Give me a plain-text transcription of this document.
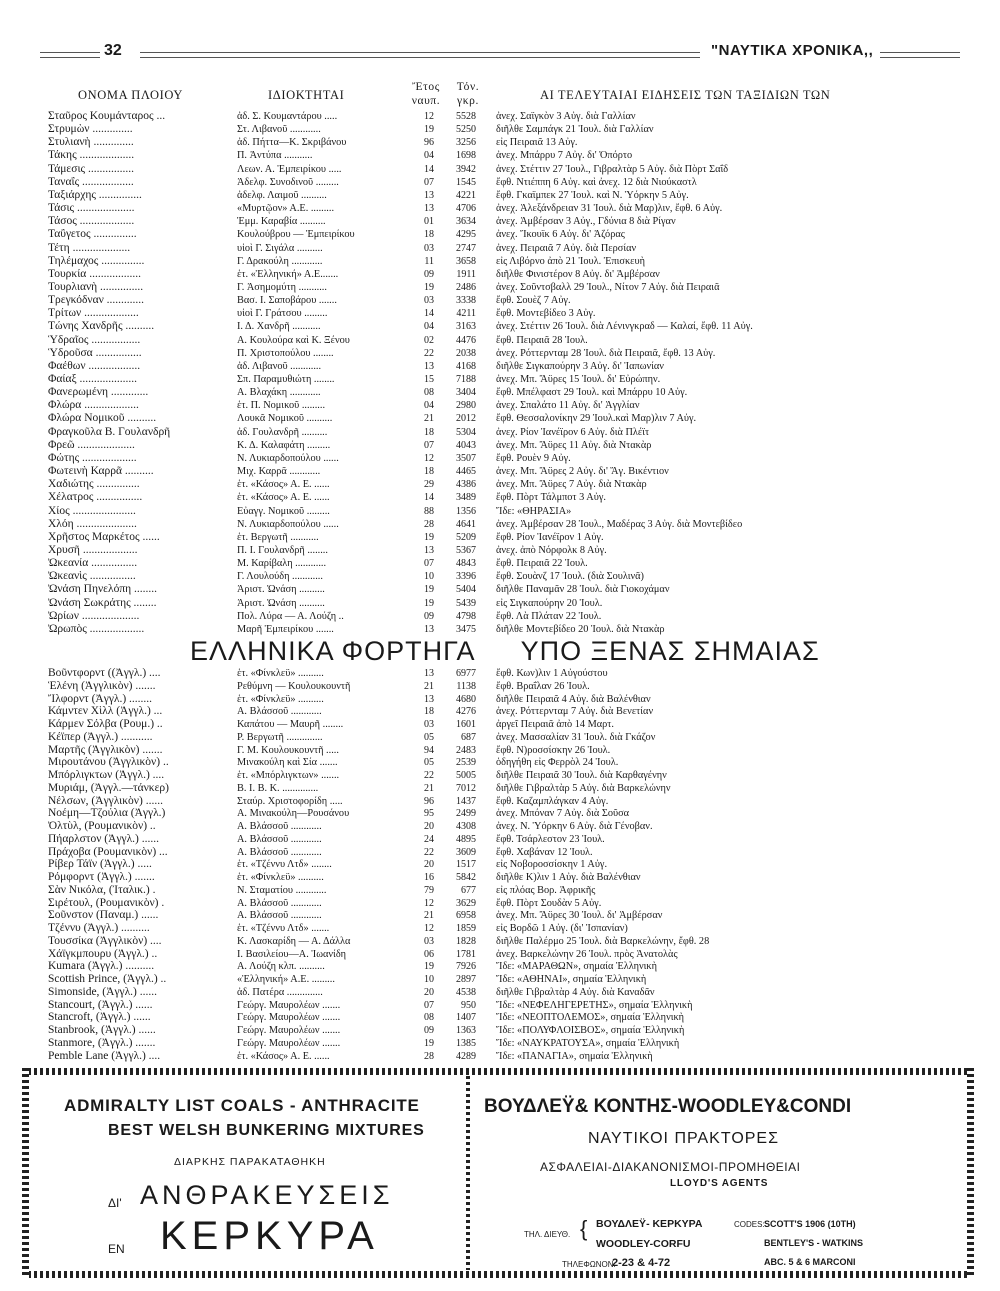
32	"ΝΑΥΤΙΚΑ ΧΡΟΝΙΚΑ,,
ΟΝΟΜΑ ΠΛΟΙΟΥ	ΙΔΙΟΚΤΗΤΑΙ
Ἔτος
ναυπ.
Τόν.
γκρ.	ΑΙ ΤΕΛΕΥΤΑΙΑΙ ΕΙΔΗΣΕΙΣ ΤΩΝ ΤΑΞΙΔΙΩΝ ΤΩΝ
Σταῦρος Κουμάνταρος ...	ἀδ. Σ. Κουμαντάρου .....	12	5528 ἀνεχ. Σαϊγκὸν 3 Αὐγ. διὰ Γαλλίαν
Στρυμὼν ..............	Στ. Λιβανοῦ ............	19	5250 διῆλθε Σαμπάγκ 21 Ἰουλ. διὰ Γαλλίαν
Στυλιανὴ ..............	ἀδ. Πήττα—Κ. Σκριβάνου	96	3256 εἰς Πειραιᾶ 13 Αὐγ.
Τάκης ...................	Π. Ἀντύπα ...........	04	1698 ἀνεχ. Μπάρρυ 7 Αὐγ. δι' Ὀπόρτο
Τάμεσις ................	Λεων. Α. Ἐμπειρίκου .....	14	3942 ἀνεχ. Στέττιν 27 Ἰουλ., Γιβραλτὰρ 5 Αὐγ. διὰ Πὸρτ Σαΐδ
Ταναΐς ..................	Ἀδελφ. Συνοδινοῦ .........	07	1545 ἔφθ. Ντιέππη 6 Αὐγ. καὶ ἀνεχ. 12 διὰ Νιούκαστλ
Ταξιάρχης ...............	ἀδελφ. Λαιμοῦ ..........	13	4221 ἔφθ. Γκαϊμπεκ 27 Ἰουλ. καὶ Ν. Ὑόρκην 5 Αὐγ.
Τάσις ....................	«Μυρτῷον» Α.Ε. .........	13	4706 ἀνεχ. Ἀλεξάνδρειαν 31 Ἰουλ. διὰ Μαρ)λιν, ἔφθ. 6 Αὐγ.
Τάσος ...................	Ἐμμ. Καραβία ..........	01	3634 ἀνεχ. Ἀμβέρσαν 3 Αὐγ., Γδύνια 8 διὰ Ρίγαν
Ταΰγετος ...............	Κουλούβρου — Ἐμπειρίκου	18	4295 ἀνεχ. Ἴκουϊκ 6 Αὐγ. δι' Ἀζόρας
Τέτη ....................	υἱοὶ Γ. Σιγάλα ..........	03	2747 ἀνεχ. Πειραιᾶ 7 Αὐγ. διὰ Περσίαν
Τηλέμαχος ...............	Γ. Δρακούλη ............	11	3658 εἰς Λιβόρνο ἀπὸ 21 Ἰουλ. Ἐπισκευὴ
Τουρκία ..................	ἑτ. «Ἑλληνική» Α.Ε.......	09	1911 διῆλθε Φινιστέρον 8 Αὐγ. δι' Ἀμβέρσαν
Τουρλιανὴ ...............	Γ. Ἀσημομύτη ...........	19	2486 ἀνεχ. Σοῦντσβαλλ 29 Ἰουλ., Νίτον 7 Αὐγ. διὰ Πειραιᾶ
Τρεγκόδναν .............	Βασ. Ι. Σαποβάρου .......	03	3338 ἔφθ. Σουὲζ 7 Αὐγ.
Τρίτων ...................	υἱοὶ Γ. Γράτσου .........	14	4211 ἔφθ. Μοντεβίδεο 3 Αὐγ.
Τώνης Χανδρῆς ..........	Ι. Δ. Χανδρῆ ...........	04	3163 ἀνεχ. Στέττιν 26 Ἰουλ. διὰ Λένινγκραδ — Καλαί, ἔφθ. 11 Αὐγ.
Ὑδραῖος .................	Α. Κουλούρα καὶ Κ. Ξένου	02	4476 ἔφθ. Πειραιᾶ 28 Ἰουλ.
Ὑδροῦσα ................	Π. Χριστοπούλου ........	22	2038 ἀνεχ. Ρόττερνταμ 28 Ἰουλ. διὰ Πειραιᾶ, ἔφθ. 13 Αὐγ.
Φαέθων ..................	ἀδ. Λιβανοῦ ............	13	4168 διῆλθε Σιγκαπούρην 3 Αὐγ. δι' Ἰαπωνίαν
Φαίαξ ....................	Σπ. Παραμυθιώτη ........	15	7188 ἀνεχ. Μπ. Ἄϋρες 15 Ἰουλ. δι' Εὐρώπην.
Φανερωμένη .............	Α. Βλαχάκη ............	08	3404 ἔφθ. Μπέλφαστ 29 Ἰουλ. καὶ Μπάρρυ 10 Αὐγ.
Φλώρα ...................	ἑτ. Π. Νομικοῦ .........	04	2980 ἀνεχ. Σπαλάτο 11 Αὐγ. δι' Ἀγγλίαν
Φλώρα Νομικοῦ ..........	Λουκᾶ Νομικοῦ ..........	21	2012 ἔφθ. Θεσσαλονίκην 29 Ἰουλ.καὶ Μαρ)λιν 7 Αὐγ.
Φραγκοῦλα Β. Γουλανδρῆ	ἀδ. Γουλανδρῆ ..........	18	5304 ἀνεχ. Ρίον Ἰανέϊρον 6 Αὐγ. διὰ Πλέϊτ
Φρεῶ ....................	Κ. Δ. Καλαφάτη .........	07	4043 ἀνεχ. Μπ. Ἄϋρες 11 Αὐγ. διὰ Ντακὰρ
Φώτης ...................	Ν. Λυκιαρδοπούλου ......	12	3507 ἔφθ. Ρουὲν 9 Αὐγ.
Φωτεινὴ Καρρᾶ ..........	Μιχ. Καρρᾶ ............	18	4465 ἀνεχ. Μπ. Ἄϋρες 2 Αὐγ. δι' Ἅγ. Βικέντιον
Χαδιώτης ...............	ἑτ. «Κάσος» Α. Ε. ......	29	4386 ἀνεχ. Μπ. Ἄϋρες 7 Αὐγ. διὰ Ντακὰρ
Χέλατρος ................	ἑτ. «Κάσος» Α. Ε. ......	14	3489 ἔφθ. Πὸρτ Τάλμποτ 3 Αὐγ.
Χίος ......................	Εὐαγγ. Νομικοῦ .........	88	1356 Ἴδε: «ΘΗΡΑΣΙΑ»
Χλόη .....................	Ν. Λυκιαρδοπούλου ......	28	4641 ἀνεχ. Ἀμβέρσαν 28 Ἰουλ., Μαδέρας 3 Αὐγ. διὰ Μοντεβίδεο
Χρῆστος Μαρκέτος ......	ἑτ. Βεργωτῆ ...........	19	5209 ἔφθ. Ρίον Ἰανέϊρον 1 Αὐγ.
Χρυσῆ ...................	Π. Ι. Γουλανδρῆ ........	13	5367 ἀνεχ. ἀπὸ Νόρφολκ 8 Αὐγ.
Ὠκεανία ................	Μ. Καρίβαλη ............	07	4843 ἔφθ. Πειραιᾶ 22 Ἰουλ.
Ὠκεανὶς ................	Γ. Λουλούδη ............	10	3396 ἔφθ. Σουὰνζ 17 Ἰουλ. (διὰ Σουλινᾶ)
Ὠνάση Πηνελόπη ........	Ἀριστ. Ὠνάση ..........	19	5404 διῆλθε Παναμᾶν 28 Ἰουλ. διὰ Γιοκοχάμαν
Ὠνάση Σωκράτης ........	Ἀριστ. Ὠνάση ..........	19	5439 εἰς Σιγκαπούρην 20 Ἰουλ.
Ὠρίων ....................	Πολ. Λύρα — Α. Λούζη ..	09	4798 ἔφθ. Λὰ Πλάταν 22 Ἰουλ.
Ὠρωπὸς ...................	Μαρῆ Ἐμπειρίκου .......	13	3475 διῆλθε Μοντεβίδεο 20 Ἰουλ. διὰ Ντακὰρ
ΕΛΛΗΝΙΚΑ ΦΟΡΤΗΓΑ ΥΠΟ ΞΕΝΑΣ ΣΗΜΑΙΑΣ
Βοῦντφορντ ((Ἀγγλ.) ....	ἑτ. «Φίνκλεϋ» ..........	13	6977 ἔφθ. Κων)λιν 1 Αὐγούστου
Ἑλένη (Ἀγγλικὸν) .......	Ρεθύμνη — Κουλουκουντῆ	21	1138 ἔφθ. Βραΐλαν 26 Ἰουλ.
Ἴλφορντ (Ἀγγλ.) ........	ἑτ. «Φίνκλεϋ» ..........	13	4680 διῆλθε Πειραιᾶ 4 Αὐγ. διὰ Βαλένθιαν
Κάμντεν Χὶλλ (Ἀγγλ.) ...	Α. Βλάσσοῦ ............	18	4276 ἀνεχ. Ρόττερνταμ 7 Αὐγ. διὰ Βενετίαν
Κάρμεν Σόλβα (Ρουμ.) ..	Καπάτου — Μαυρῆ ........	03	1601 ἀργεῖ Πειραιᾶ ἀπὸ 14 Μαρτ.
Κέϊπερ (Ἀγγλ.) ...........	Ρ. Βεργωτῆ ..............	05	687 ἀνεχ. Μασσαλίαν 31 Ἰουλ. διὰ Γκάζον
Μαρτῆς (Ἀγγλικὸν) .......	Γ. Μ. Κουλουκουντῆ .....	94	2483 ἔφθ. Ν)ροσσίσκην 26 Ἰουλ.
Μιρουτάνου (Ἀγγλικὸν) ..	Μινακούλη καὶ Σία .......	05	2539 ὁδηγήθη εἰς Φερρὸλ 24 Ἰουλ.
Μπόρλιγκτων (Ἀγγλ.) ....	ἑτ. «Μπόρλιγκτων» .......	22	5005 διῆλθε Πειραιᾶ 30 Ἰουλ. διὰ Καρθαγένην
Μυριάμ, (Ἀγγλ.—τάνκερ)	Β. Ι. Β. Κ. ..............	21	7012 διῆλθε Γιβραλτὰρ 5 Αὐγ. διὰ Βαρκελώνην
Νέλσων, (Ἀγγλικὸν) ......	Σταύρ. Χριστοφορίδη .....	96	1437 ἔφθ. Καζαμπλάγκαν 4 Αὐγ.
Νοέμη—Τζούλια (Ἀγγλ.)	Α. Μινακούλη—Ρουσάνου	95	2499 ἀνεχ. Μπόναν 7 Αὐγ. διὰ Σοῦσα
Ὀλτὺλ, (Ρουμανικὸν) ..	Α. Βλάσσοῦ ............	20	4308 ἀνεχ. Ν. Ὑόρκην 6 Αὐγ. διὰ Γένοβαν.
Πήαρλστον (Ἀγγλ.) ......	Α. Βλάσσοῦ ............	24	4895 ἔφθ. Τσάρλεστον 23 Ἰουλ.
Πράχοβα (Ρουμανικὸν) ...	Α. Βλάσσοῦ ............	22	3609 ἔφθ. Χαβάναν 12 Ἰουλ.
Ρίβερ Τάϊν (Ἀγγλ.) .....	ἑτ. «Τζέννυ Λτδ» ........	20	1517 εἰς Νοβοροσσίσκην 1 Αὐγ.
Ρόμφορντ (Ἀγγλ.) .......	ἑτ. «Φίνκλεϋ» ..........	16	5842 διῆλθε Κ)λιν 1 Αὐγ. διὰ Βαλένθιαν
Σὰν Νικόλα, (Ἰταλικ.) .	Ν. Σταματίου ............	79	677 εἰς πλόας Βορ. Ἀφρικῆς
Σιρέτουλ, (Ρουμανικὸν) .	Α. Βλάσσοῦ ............	12	3629 ἔφθ. Πὸρτ Σουδὰν 5 Αὐγ.
Σοῦνστον (Παναμ.) ......	Α. Βλάσσοῦ ............	21	6958 ἀνεχ. Μπ. Ἄϋρες 30 Ἰουλ. δι' Ἀμβέρσαν
Τζέννυ (Ἀγγλ.) ..........	ἑτ. «Τζέννυ Λτδ» .......	12	1859 εἰς Βορδῶ 1 Αὐγ. (δι' Ἰσπανίαν)
Τουσσίκα (Ἀγγλικὸν) ....	Κ. Λασκαρίδη — Α. Δάλλα	03	1828 διῆλθε Παλέρμο 25 Ἰουλ. διὰ Βαρκελώνην, ἔφθ. 28
Χάϊγκμπουρυ (Ἀγγλ.) ..	Ι. Βασιλείου—Α. Ἰωανίδη	06	1781 ἀνεχ. Βαρκελώνην 26 Ἰουλ. πρὸς Ἀνατολὰς
Kumara (Ἀγγλ.) ..........	Α. Λούζη κλπ. ..........	19	7926 Ἴδε: «ΜΑΡΑΘΩΝ», σημαία Ἑλληνικὴ
Scottish Prince, (Ἀγγλ.) ..	«Ἑλληνική» Α.Ε. .........	10	2897 Ἴδε: «ΑΘΗΝΑΙ», σημαία Ἑλληνικὴ
Simonside, (Ἀγγλ.) ......	ἀδ. Πατέρα ..............	20	4538 διῆλθε Γιβραλτὰρ 4 Αὐγ. διὰ Καναδᾶν
Stancourt, (Ἀγγλ.) ......	Γεώργ. Μαυρολέων .......	07	950 Ἴδε: «ΝΕΦΕΛΗΓΕΡΕΤΗΣ», σημαία Ἑλληνικὴ
Stancroft, (Ἀγγλ.) ......	Γεώργ. Μαυρολέων .......	08	1407 Ἴδε: «ΝΕΟΠΤΟΛΕΜΟΣ», σημαία Ἑλληνικὴ
Stanbrook, (Ἀγγλ.) ......	Γεώργ. Μαυρολέων .......	09	1363 Ἴδε: «ΠΟΛΥΦΛΟΙΣΒΟΣ», σημαία Ἑλληνικὴ
Stanmore, (Ἀγγλ.) .......	Γεώργ. Μαυρολέων .......	19	1385 Ἴδε: «ΝΑΥΚΡΑΤΟΥΣΑ», σημαία Ἑλληνικὴ
Pemble Lane (Ἀγγλ.) ....	ἑτ. «Κάσος» Α. Ε. ......	28	4289 Ἴδε: «ΠΑΝΑΓΙΑ», σημαία Ἑλληνικὴ
ADMIRALTY LIST COALS - ANTHRACITE
BEST WELSH BUNKERING MIXTURES
ΔΙΑΡΚΗΣ ΠΑΡΑΚΑΤΑΘΗΚΗ
ΔΙ' ΑΝΘΡΑΚΕΥΣΕΙΣ
ΕΝ ΚΕΡΚΥΡΑ
ΒΟΥΔΛΕΫ& ΚΟΝΤΗΣ-WOODLEY&CONDI
ΝΑΥΤΙΚΟΙ ΠΡΑΚΤΟΡΕΣ
ΑΣΦΑΛΕΙΑΙ-ΔΙΑΚΑΝΟΝΙΣΜΟΙ-ΠΡΟΜΗΘΕΙΑΙ
LLOYD'S AGENTS
ΤΗΛ. ΔΙΕΥΘ. { ΒΟΥΔΛΕΫ- ΚΕΡΚΥΡΑ
WOODLEY-CORFU
ΤΗΛΕΦΩΝΟΝ:
2-23 & 4-72
CODES: SCOTT'S 1906 (10TH)
BENTLEY'S - WATKINS
ABC. 5 & 6 MARCONI
